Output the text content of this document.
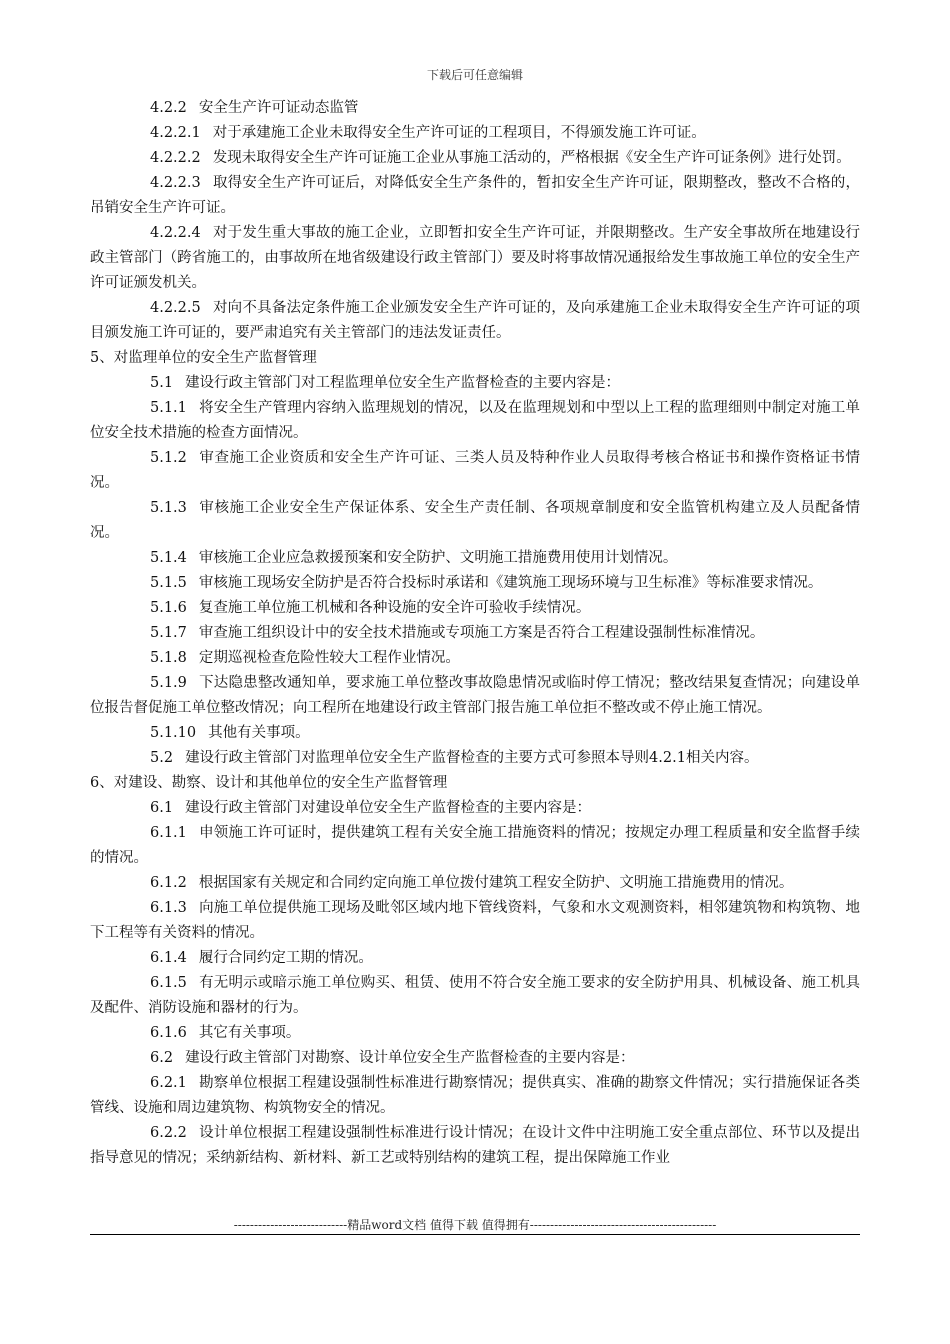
下载后可任意编辑

4.2.2 安全生产许可证动态监管

4.2.2.1 对于承建施工企业未取得安全生产许可证的工程项目，不得颁发施工许可证。

4.2.2.2 发现未取得安全生产许可证施工企业从事施工活动的，严格根据《安全生产许可证条例》进行处罚。

4.2.2.3 取得安全生产许可证后，对降低安全生产条件的，暂扣安全生产许可证，限期整改，整改不合格的，吊销安全生产许可证。

4.2.2.4 对于发生重大事故的施工企业，立即暂扣安全生产许可证，并限期整改。生产安全事故所在地建设行政主管部门（跨省施工的，由事故所在地省级建设行政主管部门）要及时将事故情况通报给发生事故施工单位的安全生产许可证颁发机关。

4.2.2.5 对向不具备法定条件施工企业颁发安全生产许可证的，及向承建施工企业未取得安全生产许可证的项目颁发施工许可证的，要严肃追究有关主管部门的违法发证责任。

5、对监理单位的安全生产监督管理

5.1 建设行政主管部门对工程监理单位安全生产监督检查的主要内容是：

5.1.1 将安全生产管理内容纳入监理规划的情况，以及在监理规划和中型以上工程的监理细则中制定对施工单位安全技术措施的检查方面情况。

5.1.2 审查施工企业资质和安全生产许可证、三类人员及特种作业人员取得考核合格证书和操作资格证书情况。

5.1.3 审核施工企业安全生产保证体系、安全生产责任制、各项规章制度和安全监管机构建立及人员配备情况。

5.1.4 审核施工企业应急救援预案和安全防护、文明施工措施费用使用计划情况。

5.1.5 审核施工现场安全防护是否符合投标时承诺和《建筑施工现场环境与卫生标准》等标准要求情况。

5.1.6 复查施工单位施工机械和各种设施的安全许可验收手续情况。

5.1.7 审查施工组织设计中的安全技术措施或专项施工方案是否符合工程建设强制性标准情况。

5.1.8 定期巡视检查危险性较大工程作业情况。

5.1.9 下达隐患整改通知单，要求施工单位整改事故隐患情况或临时停工情况；整改结果复查情况；向建设单位报告督促施工单位整改情况；向工程所在地建设行政主管部门报告施工单位拒不整改或不停止施工情况。

5.1.10 其他有关事项。

5.2 建设行政主管部门对监理单位安全生产监督检查的主要方式可参照本导则4.2.1相关内容。

6、对建设、勘察、设计和其他单位的安全生产监督管理

6.1 建设行政主管部门对建设单位安全生产监督检查的主要内容是：

6.1.1 申领施工许可证时，提供建筑工程有关安全施工措施资料的情况；按规定办理工程质量和安全监督手续的情况。

6.1.2 根据国家有关规定和合同约定向施工单位拨付建筑工程安全防护、文明施工措施费用的情况。

6.1.3 向施工单位提供施工现场及毗邻区域内地下管线资料，气象和水文观测资料，相邻建筑物和构筑物、地下工程等有关资料的情况。

6.1.4 履行合同约定工期的情况。

6.1.5 有无明示或暗示施工单位购买、租赁、使用不符合安全施工要求的安全防护用具、机械设备、施工机具及配件、消防设施和器材的行为。

6.1.6 其它有关事项。

6.2 建设行政主管部门对勘察、设计单位安全生产监督检查的主要内容是：

6.2.1 勘察单位根据工程建设强制性标准进行勘察情况；提供真实、准确的勘察文件情况；实行措施保证各类管线、设施和周边建筑物、构筑物安全的情况。

6.2.2 设计单位根据工程建设强制性标准进行设计情况；在设计文件中注明施工安全重点部位、环节以及提出指导意见的情况；采纳新结构、新材料、新工艺或特别结构的建筑工程，提出保障施工作业

----------------------------精品word文档 值得下载 值得拥有----------------------------------------------
